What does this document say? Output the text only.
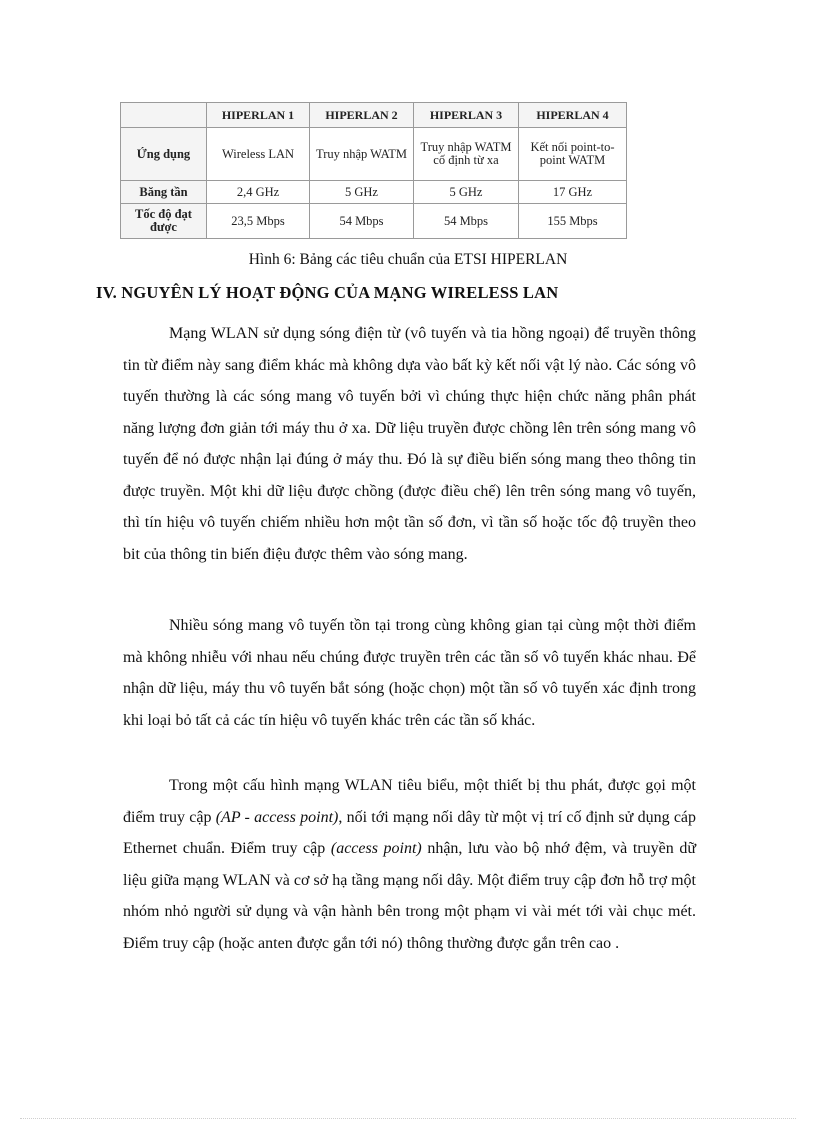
	HIPERLAN 1	HIPERLAN 2	HIPERLAN 3	HIPERLAN 4
Ứng dụng	Wireless LAN	Truy nhập WATM	Truy nhập WATM cố định từ xa	Kết nối point-to-point WATM
Băng tần	2,4 GHz	5 GHz	5 GHz	17 GHz
Tốc độ đạt được	23,5 Mbps	54 Mbps	54 Mbps	155 Mbps
Hình 6: Bảng các tiêu chuẩn của ETSI HIPERLAN
IV. NGUYÊN LÝ HOẠT ĐỘNG CỦA MẠNG WIRELESS LAN

Mạng WLAN sử dụng sóng điện từ (vô tuyến và tia hồng ngoại) để truyền thông tin từ điểm này sang điểm khác mà không dựa vào bất kỳ kết nối vật lý nào. Các sóng vô tuyến thường là các sóng mang vô tuyến bởi vì chúng thực hiện chức năng phân phát năng lượng đơn giản tới máy thu ở xa. Dữ liệu truyền được chồng lên trên sóng mang vô tuyến để nó được nhận lại đúng ở máy thu. Đó là sự điều biến sóng mang theo thông tin được truyền. Một khi dữ liệu được chồng (được điều chế) lên trên sóng mang vô tuyến, thì tín hiệu vô tuyến chiếm nhiều hơn một tần số đơn, vì tần số hoặc tốc độ truyền theo bit của thông tin biến điệu được thêm vào sóng mang.

Nhiều sóng mang vô tuyến tồn tại trong cùng không gian tại cùng một thời điểm mà không nhiễu với nhau nếu chúng được truyền trên các tần số vô tuyến khác nhau. Để nhận dữ liệu, máy thu vô tuyến bắt sóng (hoặc chọn) một tần số vô tuyến xác định trong khi loại bỏ tất cả các tín hiệu vô tuyến khác trên các tần số khác.

Trong một cấu hình mạng WLAN tiêu biểu, một thiết bị thu phát, được gọi một điểm truy cập (AP - access point), nối tới mạng nối dây từ một vị trí cố định sử dụng cáp Ethernet chuẩn. Điểm truy cập (access point) nhận, lưu vào bộ nhớ đệm, và truyền dữ liệu giữa mạng WLAN và cơ sở hạ tầng mạng nối dây. Một điểm truy cập đơn hỗ trợ một nhóm nhỏ người sử dụng và vận hành bên trong một phạm vi vài mét tới vài chục mét. Điểm truy cập (hoặc anten được gắn tới nó) thông thường được gắn trên cao .
